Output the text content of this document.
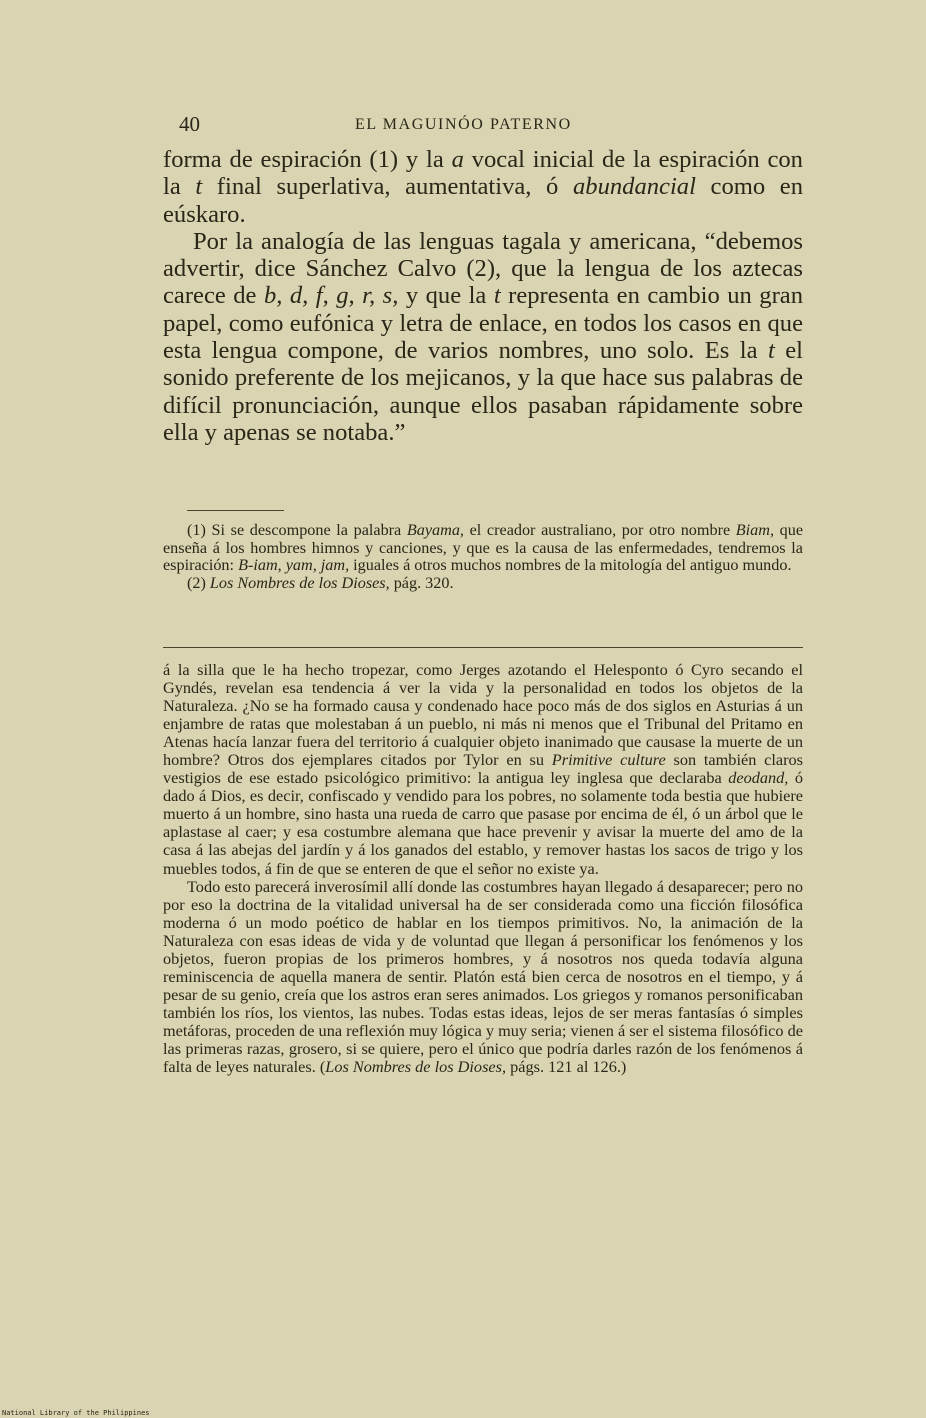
40	EL MAGUINÓO PATERNO

forma de espiración (1) y la a vocal inicial de la espiración con la t final superlativa, aumentativa, ó abundancial como en eúskaro.

Por la analogía de las lenguas tagala y americana, “debemos advertir, dice Sánchez Calvo (2), que la lengua de los aztecas carece de b, d, f, g, r, s, y que la t representa en cambio un gran papel, como eufónica y letra de enlace, en todos los casos en que esta lengua compone, de varios nombres, uno solo. Es la t el sonido preferente de los mejicanos, y la que hace sus palabras de difícil pronunciación, aunque ellos pasaban rápidamente sobre ella y apenas se notaba.”

(1) Si se descompone la palabra Bayama, el creador australiano, por otro nombre Biam, que enseña á los hombres himnos y canciones, y que es la causa de las enfermedades, tendremos la espiración: B-iam, yam, jam, iguales á otros muchos nombres de la mitología del antiguo mundo.

(2) Los Nombres de los Dioses, pág. 320.

á la silla que le ha hecho tropezar, como Jerges azotando el Helesponto ó Cyro secando el Gyndés, revelan esa tendencia á ver la vida y la personalidad en todos los objetos de la Naturaleza. ¿No se ha formado causa y condenado hace poco más de dos siglos en Asturias á un enjambre de ratas que molestaban á un pueblo, ni más ni menos que el Tribunal del Pritamo en Atenas hacía lanzar fuera del territorio á cualquier objeto inanimado que causase la muerte de un hombre? Otros dos ejemplares citados por Tylor en su Primitive culture son también claros vestigios de ese estado psicológico primitivo: la antigua ley inglesa que declaraba deodand, ó dado á Dios, es decir, confiscado y vendido para los pobres, no solamente toda bestia que hubiere muerto á un hombre, sino hasta una rueda de carro que pasase por encima de él, ó un árbol que le aplastase al caer; y esa costumbre alemana que hace prevenir y avisar la muerte del amo de la casa á las abejas del jardín y á los ganados del establo, y remover hastas los sacos de trigo y los muebles todos, á fin de que se enteren de que el señor no existe ya.

Todo esto parecerá inverosímil allí donde las costumbres hayan llegado á desaparecer; pero no por eso la doctrina de la vitalidad universal ha de ser considerada como una ficción filosófica moderna ó un modo poético de hablar en los tiempos primitivos. No, la animación de la Naturaleza con esas ideas de vida y de voluntad que llegan á personificar los fenómenos y los objetos, fueron propias de los primeros hombres, y á nosotros nos queda todavía alguna reminiscencia de aquella manera de sentir. Platón está bien cerca de nosotros en el tiempo, y á pesar de su genio, creía que los astros eran seres animados. Los griegos y romanos personificaban también los ríos, los vientos, las nubes. Todas estas ideas, lejos de ser meras fantasías ó simples metáforas, proceden de una reflexión muy lógica y muy seria; vienen á ser el sistema filosófico de las primeras razas, grosero, si se quiere, pero el único que podría darles razón de los fenómenos á falta de leyes naturales. (Los Nombres de los Dioses, págs. 121 al 126.)

National Library of the Philippines
